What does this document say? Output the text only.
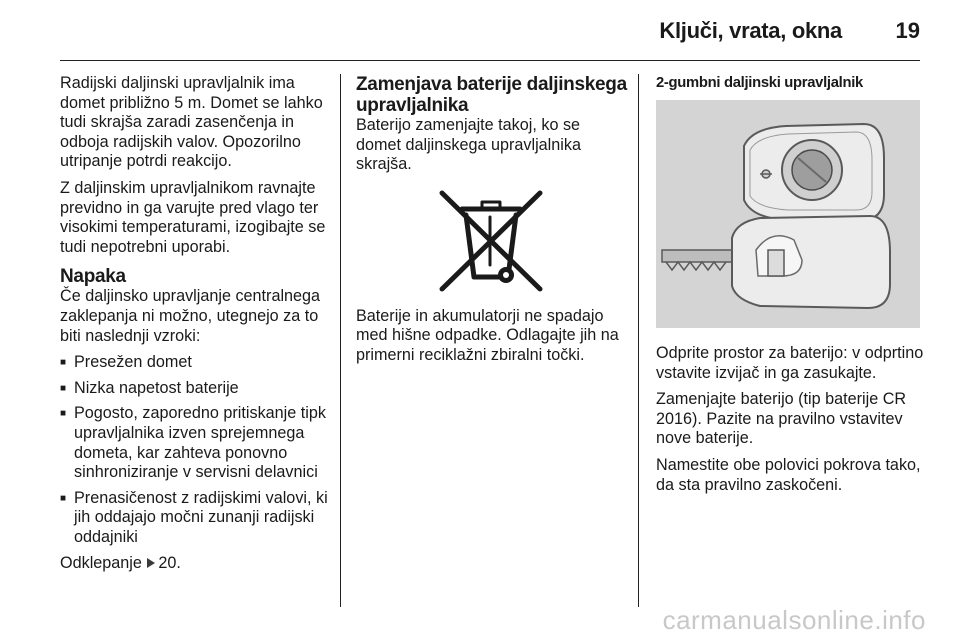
Ključi, vrata, okna 19

Radijski daljinski upravljalnik ima domet približno 5 m. Domet se lahko tudi skrajša zaradi zasenčenja in odboja radijskih valov. Opozorilno utripanje potrdi reakcijo.

Z daljinskim upravljalnikom ravnajte previdno in ga varujte pred vlago ter visokimi temperaturami, izogibajte se tudi nepotrebni uporabi.

Napaka

Če daljinsko upravljanje centralnega zaklepanja ni možno, utegnejo za to biti naslednji vzroki:

■ Presežen domet
■ Nizka napetost baterije
■ Pogosto, zaporedno pritiskanje tipk upravljalnika izven sprejemnega dometa, kar zahteva ponovno sinhroniziranje v servisni delavnici
■ Prenasičenost z radijskimi valovi, ki jih oddajajo močni zunanji radijski oddajniki

Odklepanje 20.

Zamenjava baterije daljinskega upravljalnika

Baterijo zamenjajte takoj, ko se domet daljinskega upravljalnika skrajša.

Baterije in akumulatorji ne spadajo med hišne odpadke. Odlagajte jih na primerni reciklažni zbiralni točki.

2-gumbni daljinski upravljalnik

Odprite prostor za baterijo: v odprtino vstavite izvijač in ga zasukajte.

Zamenjajte baterijo (tip baterije CR 2016). Pazite na pravilno vstavitev nove baterije.

Namestite obe polovici pokrova tako, da sta pravilno zaskočeni.

carmanualsonline.info
